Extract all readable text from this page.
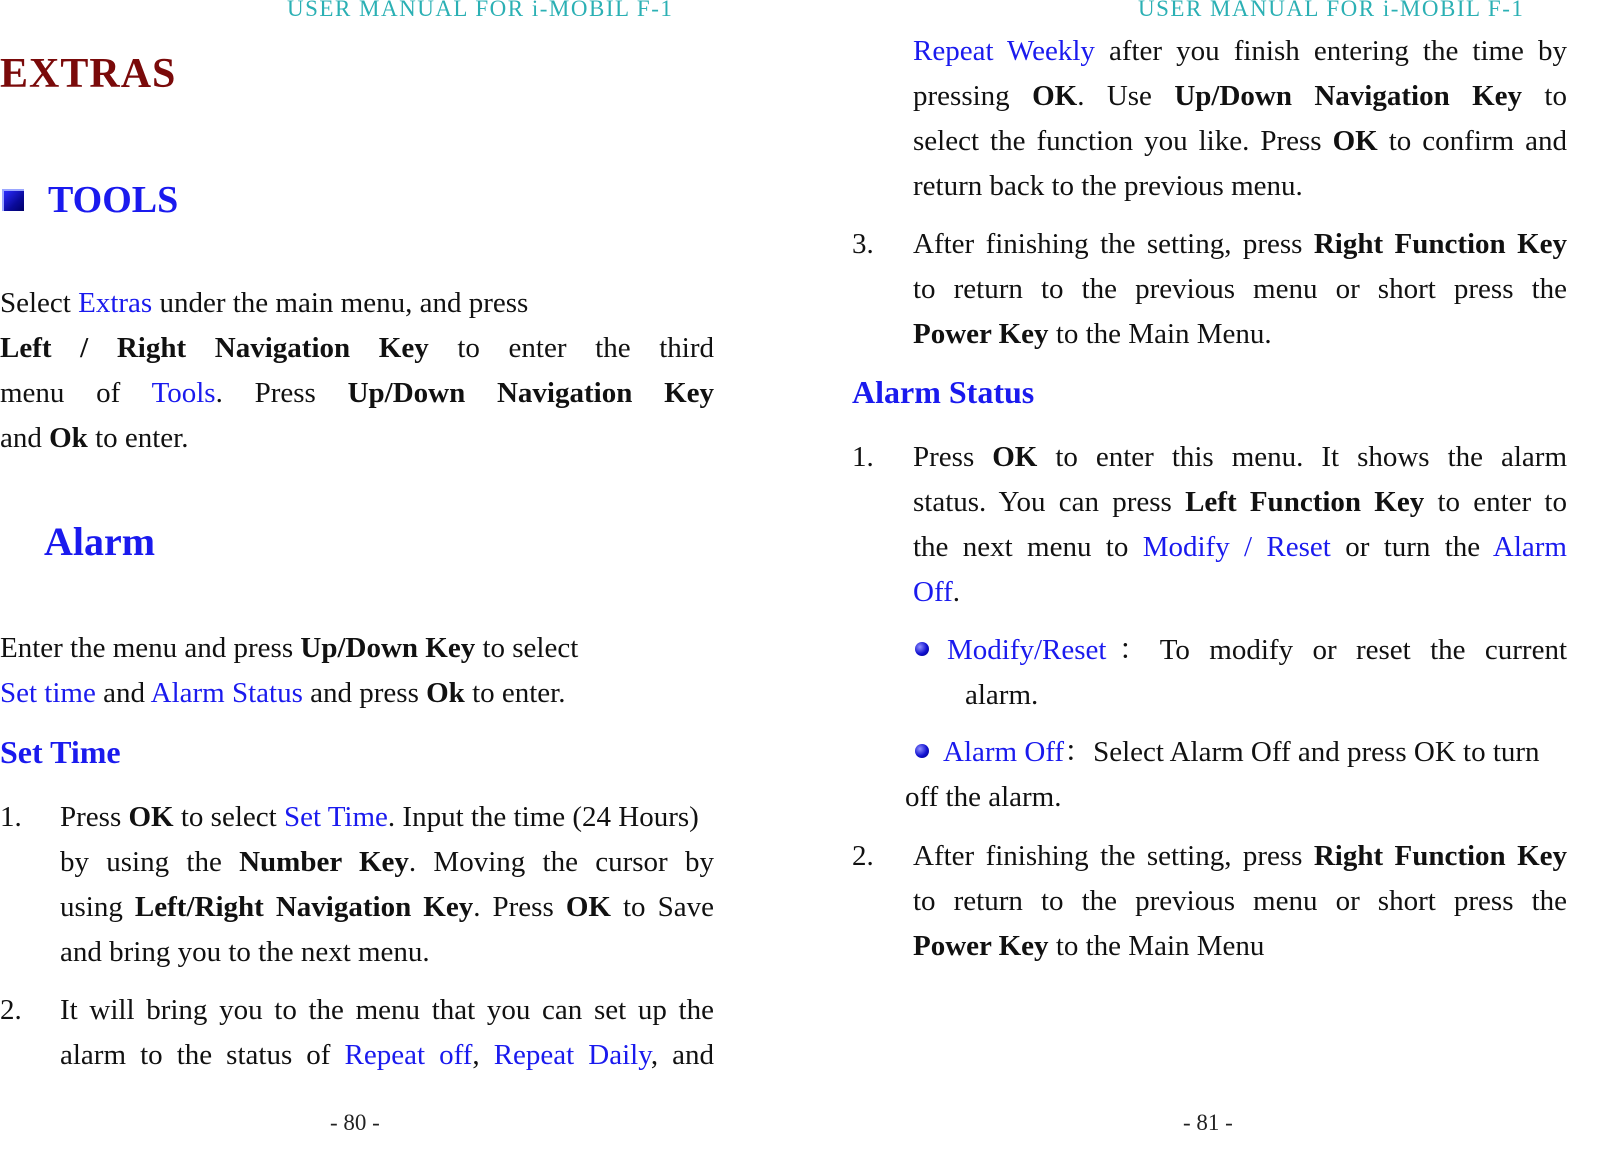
USER MANUAL FOR i-MOBIL F-1
EXTRAS
TOOLS
Select Extras under the main menu, and press
Left / Right Navigation Key to enter the third
menu of Tools. Press Up/Down Navigation Key
and Ok to enter.
Alarm
Enter the menu and press Up/Down Key to select
Set time and Alarm Status and press Ok to enter.
Set Time
1. Press OK to select Set Time. Input the time (24 Hours)
by using the Number Key. Moving the cursor by
using Left/Right Navigation Key. Press OK to Save
and bring you to the next menu.
2. It will bring you to the menu that you can set up the
alarm to the status of Repeat off, Repeat Daily, and
- 80 -
USER MANUAL FOR i-MOBIL F-1
Repeat Weekly after you finish entering the time by
pressing OK. Use Up/Down Navigation Key to
select the function you like. Press OK to confirm and
return back to the previous menu.
3. After finishing the setting, press Right Function Key
to return to the previous menu or short press the
Power Key to the Main Menu.
Alarm Status
1. Press OK to enter this menu. It shows the alarm
status. You can press Left Function Key to enter to
the next menu to Modify / Reset or turn the Alarm
Off.
Modify/Reset：To modify or reset the current
alarm.
Alarm Off：Select Alarm Off and press OK to turn
off the alarm.
2. After finishing the setting, press Right Function Key
to return to the previous menu or short press the
Power Key to the Main Menu
- 81 -
